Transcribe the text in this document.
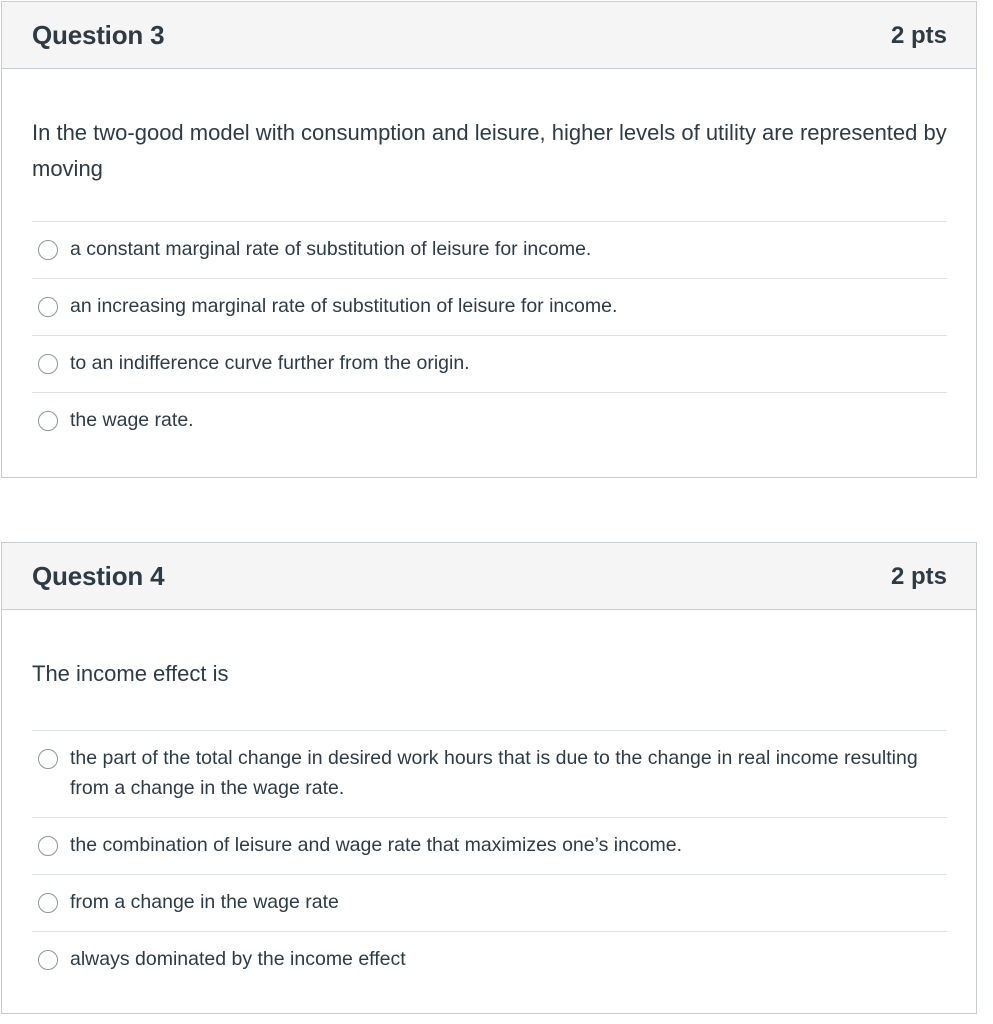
Question 3	2 pts

In the two-good model with consumption and leisure, higher levels of utility are represented by moving

a constant marginal rate of substitution of leisure for income.
an increasing marginal rate of substitution of leisure for income.
to an indifference curve further from the origin.
the wage rate.
Question 4	2 pts

The income effect is

the part of the total change in desired work hours that is due to the change in real income resulting from a change in the wage rate.
the combination of leisure and wage rate that maximizes one’s income.
from a change in the wage rate
always dominated by the income effect
